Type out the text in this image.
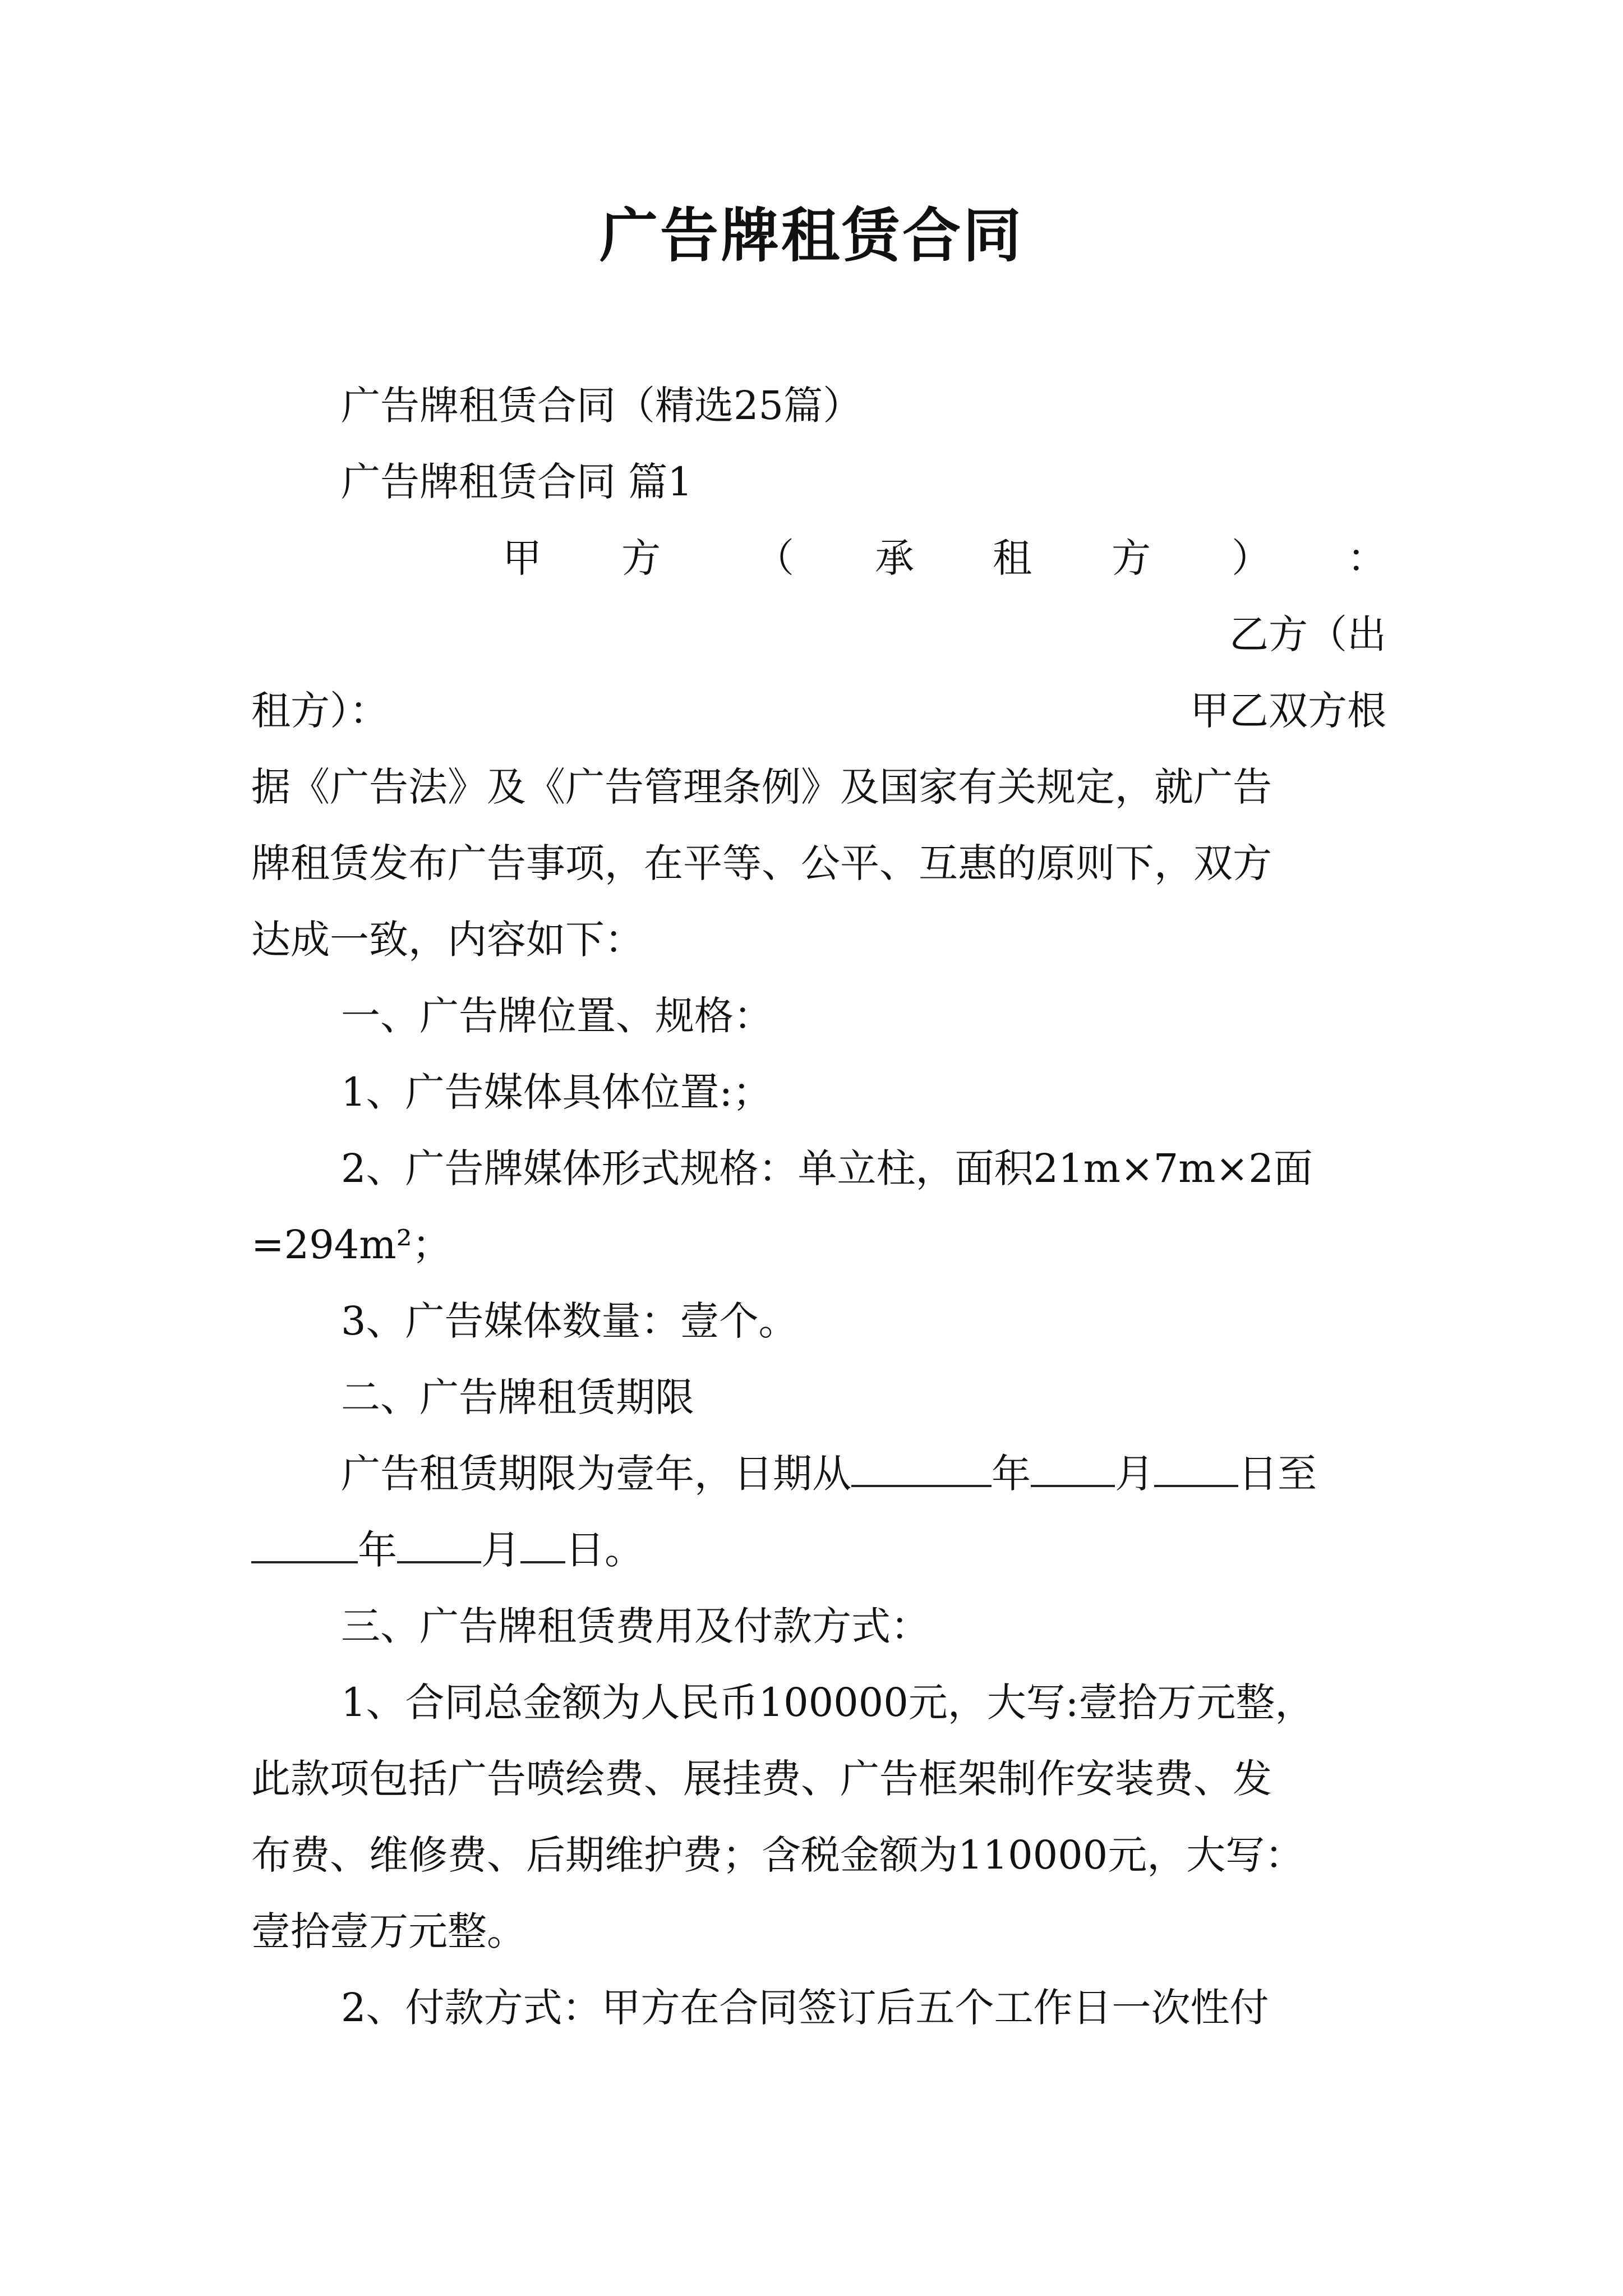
广告牌租赁合同
广告牌租赁合同（精选25篇）
广告牌租赁合同 篇1
甲 方 （ 承 租 方 ） ：
乙方（出
租方）：	甲乙双方根
据《广告法》及《广告管理条例》及国家有关规定，就广告
牌租赁发布广告事项，在平等、公平、互惠的原则下，双方
达成一致，内容如下：
一、广告牌位置、规格：
1、广告媒体具体位置:；
2、广告牌媒体形式规格：单立柱，面积21m×7m×2面
=294m²；
3、广告媒体数量：壹个。
二、广告牌租赁期限
广告租赁期限为壹年，日期从	年 月 日至
年 月 日。
三、广告牌租赁费用及付款方式：
1、合同总金额为人民币100000元，大写:壹拾万元整，
此款项包括广告喷绘费、展挂费、广告框架制作安装费、发
布费、维修费、后期维护费；含税金额为110000元，大写：
壹拾壹万元整。
2、付款方式：甲方在合同签订后五个工作日一次性付
